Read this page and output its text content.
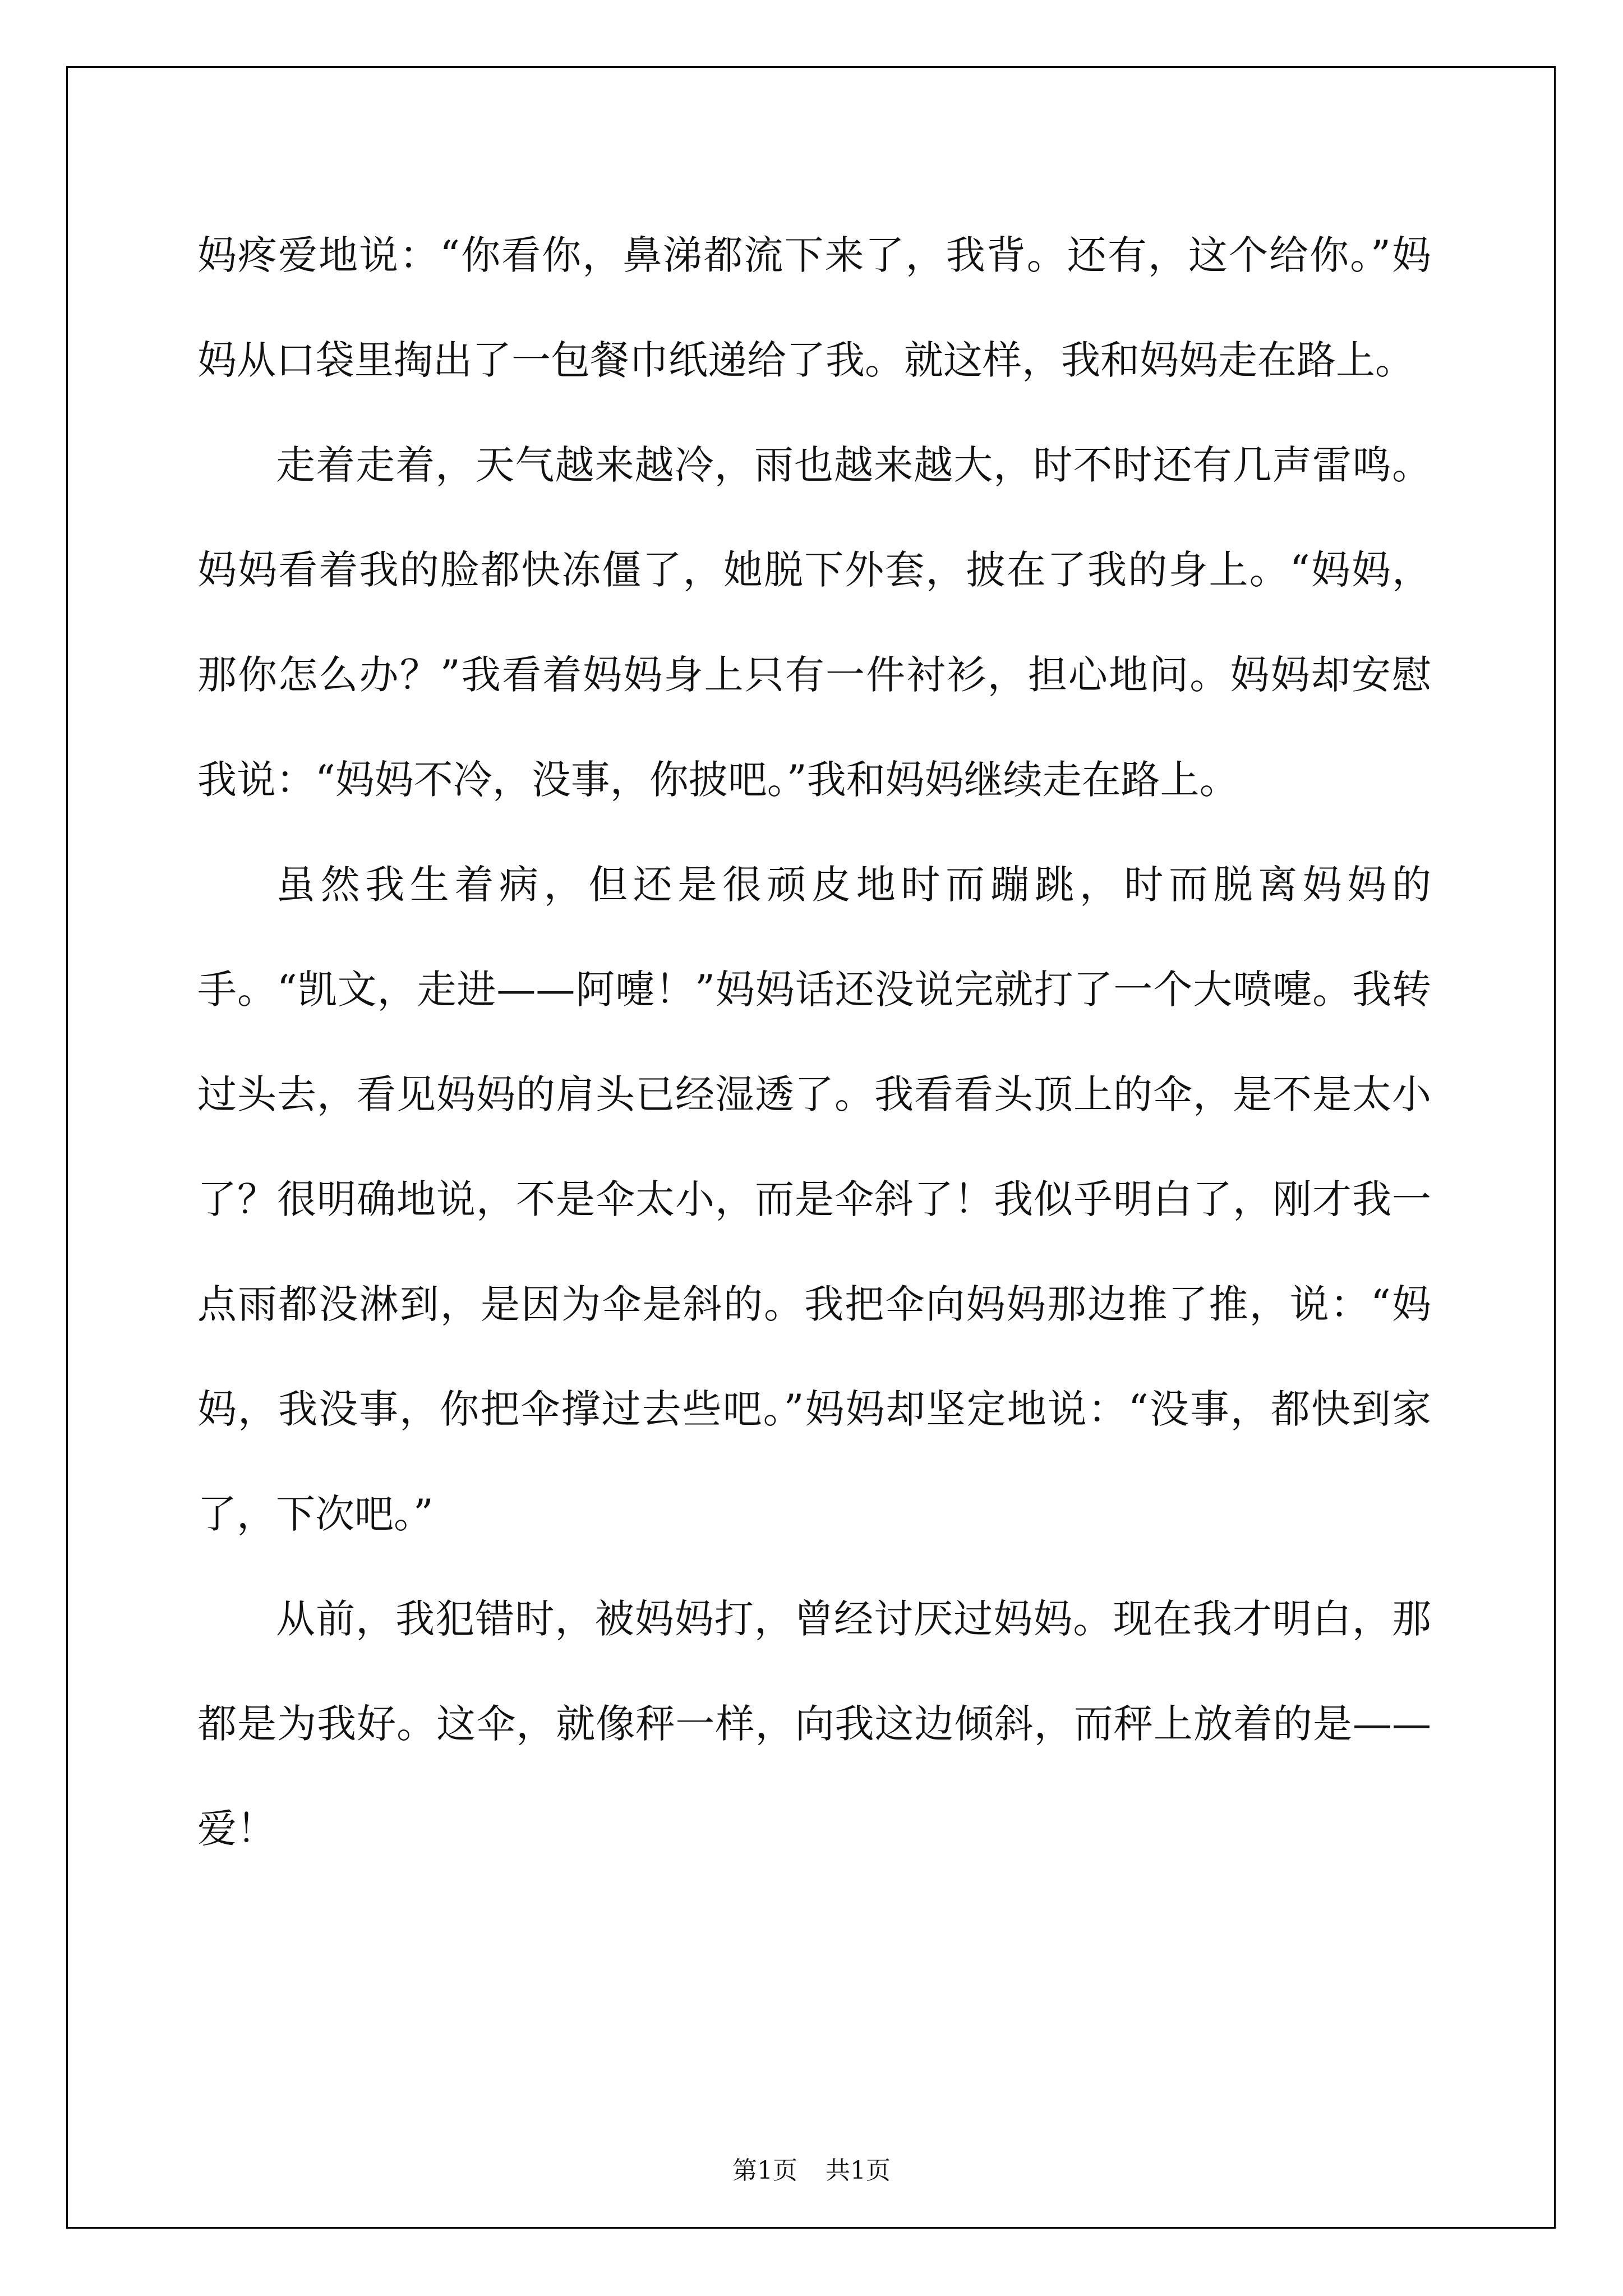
妈疼爱地说：“你看你，鼻涕都流下来了，我背。还有，这个给你。”妈妈从口袋里掏出了一包餐巾纸递给了我。就这样，我和妈妈走在路上。

走着走着，天气越来越冷，雨也越来越大，时不时还有几声雷鸣。妈妈看着我的脸都快冻僵了，她脱下外套，披在了我的身上。“妈妈，那你怎么办？”我看着妈妈身上只有一件衬衫，担心地问。妈妈却安慰我说：“妈妈不冷，没事，你披吧。”我和妈妈继续走在路上。

虽然我生着病，但还是很顽皮地时而蹦跳，时而脱离妈妈的手。“凯文，走进——阿嚏！”妈妈话还没说完就打了一个大喷嚏。我转过头去，看见妈妈的肩头已经湿透了。我看看头顶上的伞，是不是太小了？很明确地说，不是伞太小，而是伞斜了！我似乎明白了，刚才我一点雨都没淋到，是因为伞是斜的。我把伞向妈妈那边推了推，说：“妈妈，我没事，你把伞撑过去些吧。”妈妈却坚定地说：“没事，都快到家了，下次吧。”

从前，我犯错时，被妈妈打，曾经讨厌过妈妈。现在我才明白，那都是为我好。这伞，就像秤一样，向我这边倾斜，而秤上放着的是——爱！

第1页 共1页
